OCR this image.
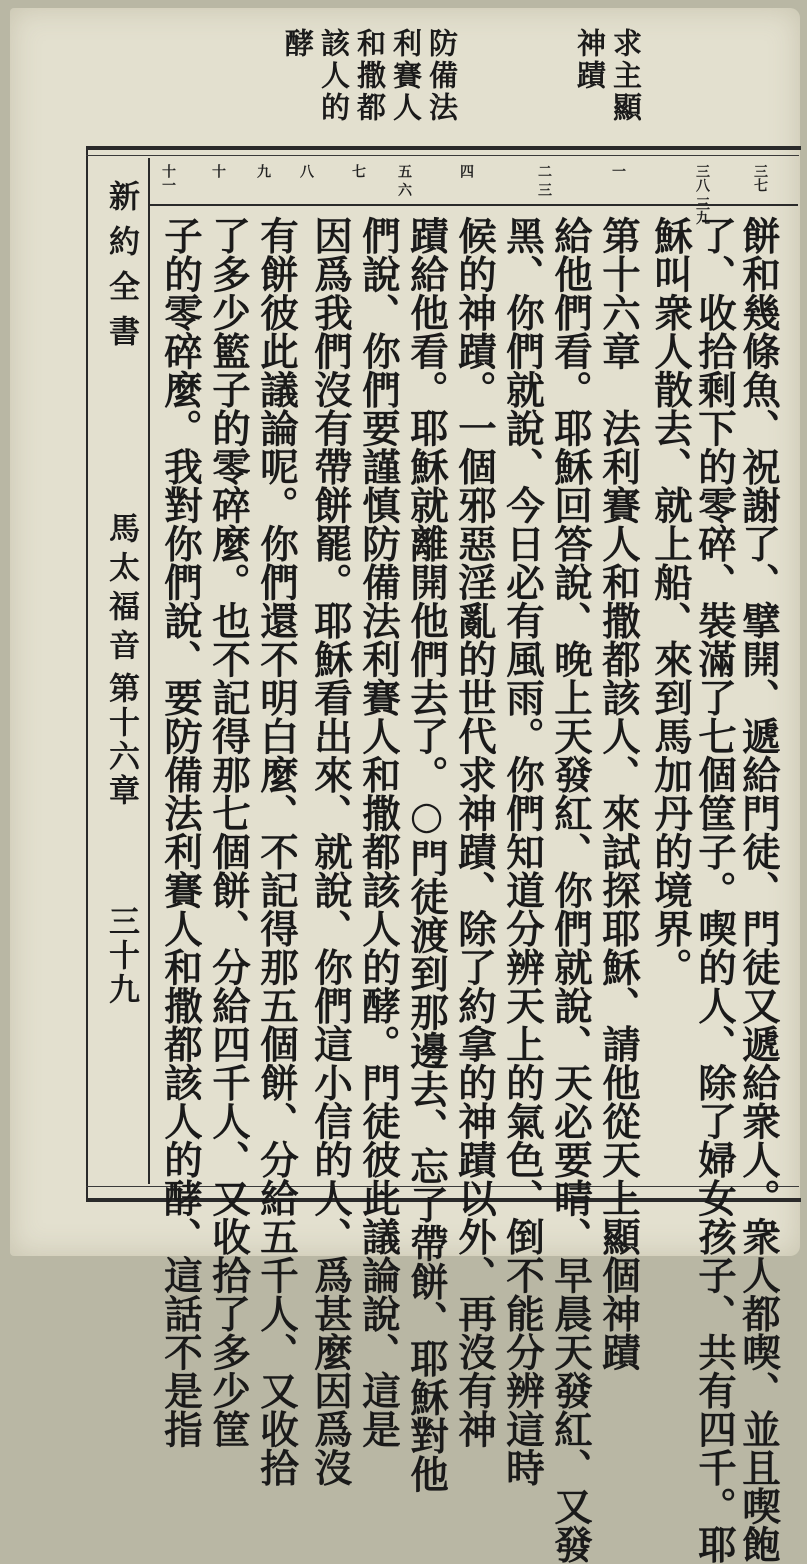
求主顯
神蹟
防備法
利賽人
和撒都
該人的
酵
三七
三八 三九
一
二 三
四
五 六
七
八
九
十
十一
餅和幾條魚、祝謝了、擘開、遞給門徒、門徒又遞給衆人。衆人都喫、並且喫飽
了、收拾剩下的零碎、裝滿了七個筐子。喫的人、除了婦女孩子、共有四千。耶
穌叫衆人散去、就上船、來到馬加丹的境界。
第十六章　法利賽人和撒都該人、來試探耶穌、請他從天上顯個神蹟
給他們看。耶穌回答說、晚上天發紅、你們就說、天必要晴、早晨天發紅、又發
黑、你們就說、今日必有風雨。你們知道分辨天上的氣色、倒不能分辨這時
候的神蹟。一個邪惡淫亂的世代求神蹟、除了約拿的神蹟以外、再沒有神
蹟給他看。耶穌就離開他們去了。○門徒渡到那邊去、忘了帶餅、耶穌對他
們說、你們要謹慎防備法利賽人和撒都該人的酵。門徒彼此議論說、這是
因爲我們沒有帶餅罷。耶穌看出來、就說、你們這小信的人、爲甚麼因爲沒
有餅彼此議論呢。你們還不明白麼、不記得那五個餅、分給五千人、又收拾
了多少籃子的零碎麼。也不記得那七個餅、分給四千人、又收拾了多少筐
子的零碎麼。我對你們說、要防備法利賽人和撒都該人的酵、這話不是指
新約全書
馬太福音
第十六章
三十九
